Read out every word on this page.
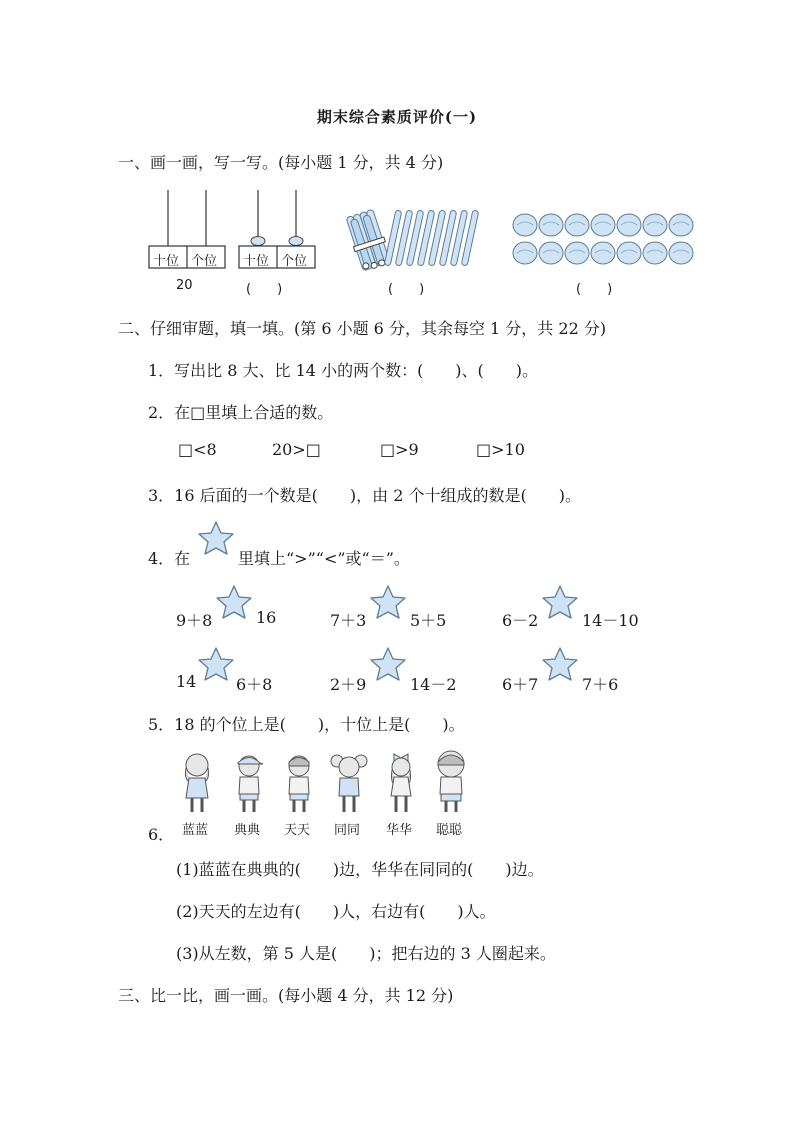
期末综合素质评价(一)
一、画一画，写一写。(每小题 1 分，共 4 分)
十位 个位
20
十位 个位
(　　)	(　　)	(　　)
二、仔细审题，填一填。(第 6 小题 6 分，其余每空 1 分，共 22 分)
1．写出比 8 大、比 14 小的两个数：(　　)、(　　)。
2．在□里填上合适的数。
□<8	20>□	□>9	□>10
3．16 后面的一个数是(　　)，由 2 个十组成的数是(　　)。
4．在	里填上“>”“<”或“＝”。
9＋8	16	7＋3	5＋5	6－2	14－10
14 6＋8	2＋9	14－2	6＋7	7＋6
5．18 的个位上是(　　)，十位上是(　　)。
6． 蓝蓝 典典 天天 同同 华华 聪聪
(1)蓝蓝在典典的(　　)边，华华在同同的(　　)边。
(2)天天的左边有(　　)人，右边有(　　)人。
(3)从左数，第 5 人是(　　)；把右边的 3 人圈起来。
三、比一比，画一画。(每小题 4 分，共 12 分)
